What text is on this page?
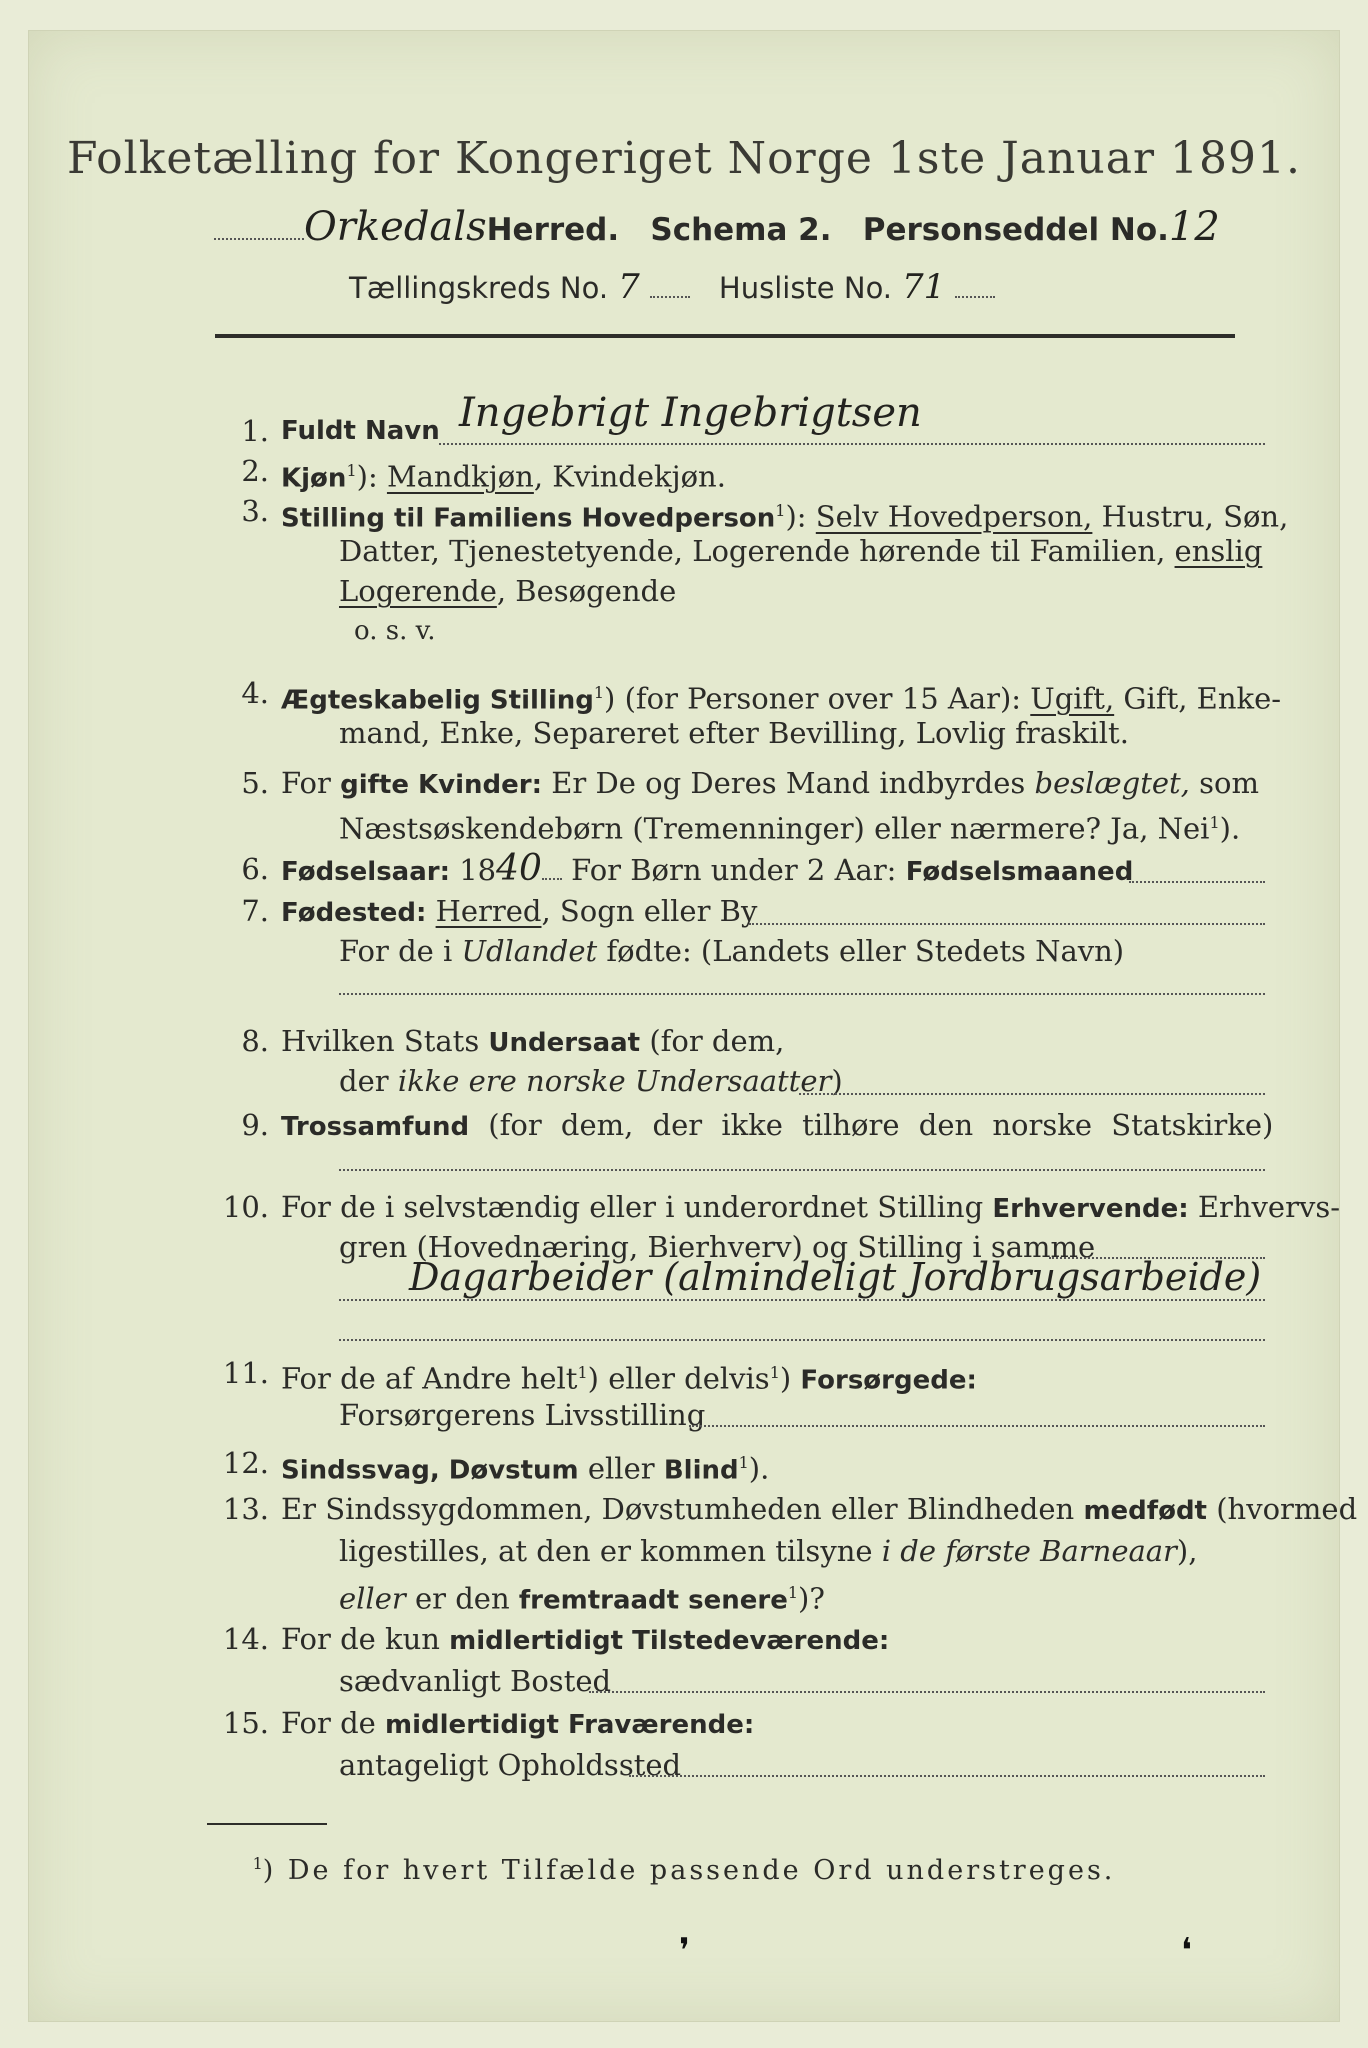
Folketælling for Kongeriget Norge 1ste Januar 1891.
OrkedalsHerred. Schema 2. Personseddel No.12
Tællingskreds No. 7	Husliste No. 71
1. Fuldt Navn Ingebrigt Ingebrigtsen
2. Kjøn$^1$): Mandkjøn, Kvindekjøn.
3. Stilling til Familiens Hovedperson$^1$): Selv Hovedperson, Hustru, Søn,
Datter, Tjenestetyende, Logerende hørende til Familien, enslig
Logerende, Besøgende
o. s. v.
4. Ægteskabelig Stilling$^1$) (for Personer over 15 Aar): Ugift, Gift, Enke-
mand, Enke, Separeret efter Bevilling, Lovlig fraskilt.
5. For gifte Kvinder: Er De og Deres Mand indbyrdes beslægtet, som
Næstsøskendebørn (Tremenninger) eller nærmere? Ja, Nei$^1$).
6. Fødselsaar: 1840 For Børn under 2 Aar: Fødselsmaaned
7. Fødested: Herred, Sogn eller By
For de i Udlandet fødte: (Landets eller Stedets Navn)
8. Hvilken Stats Undersaat (for dem,
der ikke ere norske Undersaatter)
9. Trossamfund (for dem, der ikke tilhøre den norske Statskirke)
10. For de i selvstændig eller i underordnet Stilling Erhvervende: Erhvervs-
gren (Hovednæring, Bierhverv) og Stilling i samme
Dagarbeider (almindeligt Jordbrugsarbeide)
11. For de af Andre helt$^1$) eller delvis$^1$) Forsørgede:
Forsørgerens Livsstilling
12. Sindssvag, Døvstum eller Blind$^1$).
13. Er Sindssygdommen, Døvstumheden eller Blindheden medfødt (hvormed
ligestilles, at den er kommen tilsyne i de første Barneaar),
eller er den fremtraadt senere$^1$)?
14. For de kun midlertidigt Tilstedeværende:
sædvanligt Bosted
15. For de midlertidigt Fraværende:
antageligt Opholdssted
$^1$) De for hvert Tilfælde passende Ord understreges.
❜	❛
